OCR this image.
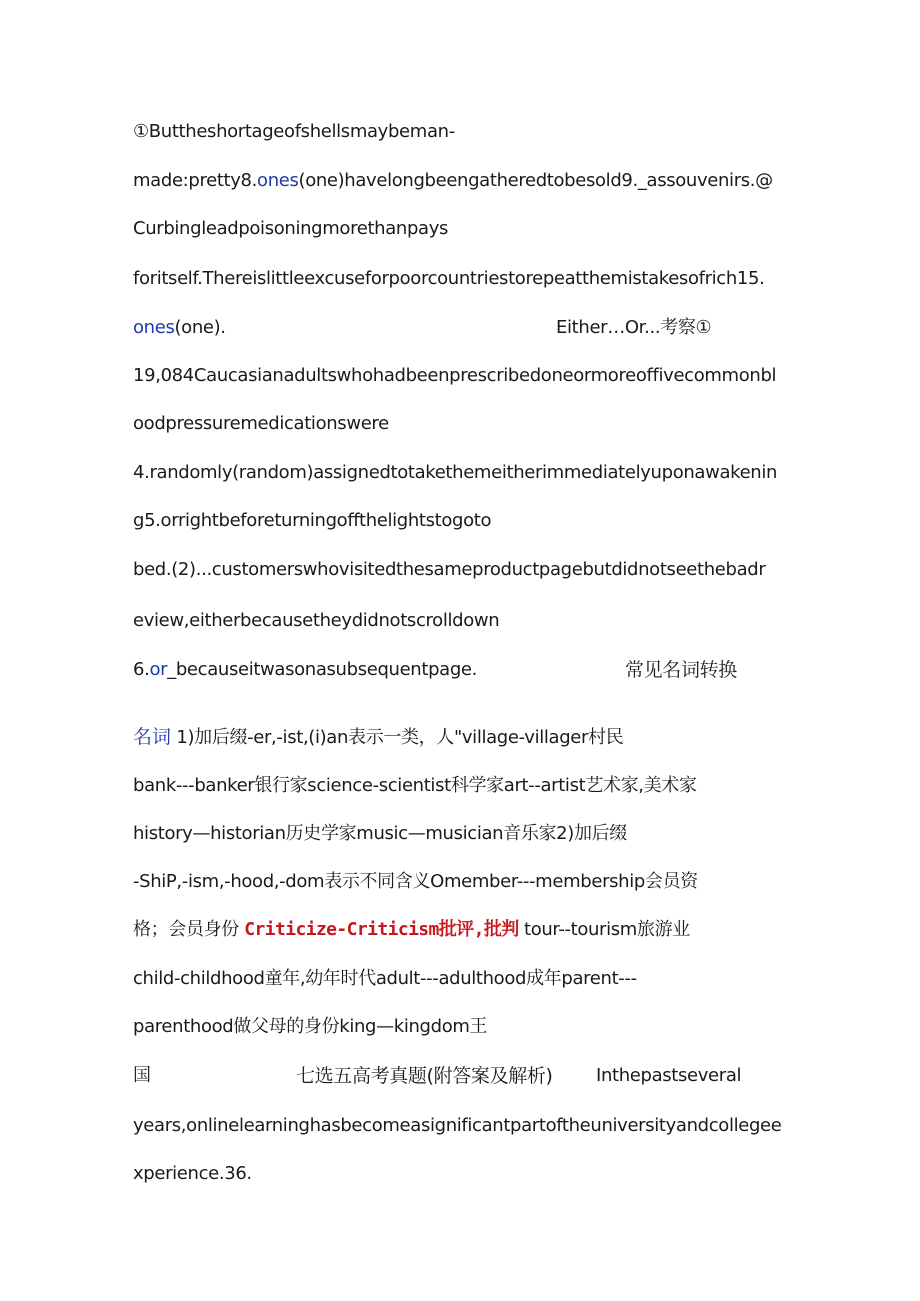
①Buttheshortageofshellsmaybeman-
made:pretty8.ones(one)havelongbeengatheredtobesold9._assouvenirs.@
Curbingleadpoisoningmorethanpays
foritself.Thereislittleexcuseforpoorcountriestorepeatthemistakesofrich15.
ones(one).	Either…Or...考察①
19,084Caucasianadultswhohadbeenprescribedoneormoreoffivecommonbl
oodpressuremedicationswere
4.randomly(random)assignedtotakethemeitherimmediatelyuponawakenin
g5.orrightbeforeturningoffthelightstogoto
bed.(2)...customerswhovisitedthesameproductpagebutdidnotseethebadr
eview,eitherbecausetheydidnotscrolldown
6.or_becauseitwasonasubsequentpage.	常见名词转换
名词 1)加后缀-er,-ist,(i)an表示一类，人"village-villager村民
bank---banker银行家science-scientist科学家art--artist艺术家,美术家
history—historian历史学家music—musician音乐家2)加后缀
-ShiP,-ism,-hood,-dom表示不同含义Omember---membership会员资
格；会员身份 Criticize-Criticism批评,批判 tour--tourism旅游业
child-childhood童年,幼年时代adult---adulthood成年parent---
parenthood做父母的身份king—kingdom王
国	七选五高考真题(附答案及解析) Inthepastseveral
years,onlinelearninghasbecomeasignificantpartoftheuniversityandcollegee
xperience.36.
